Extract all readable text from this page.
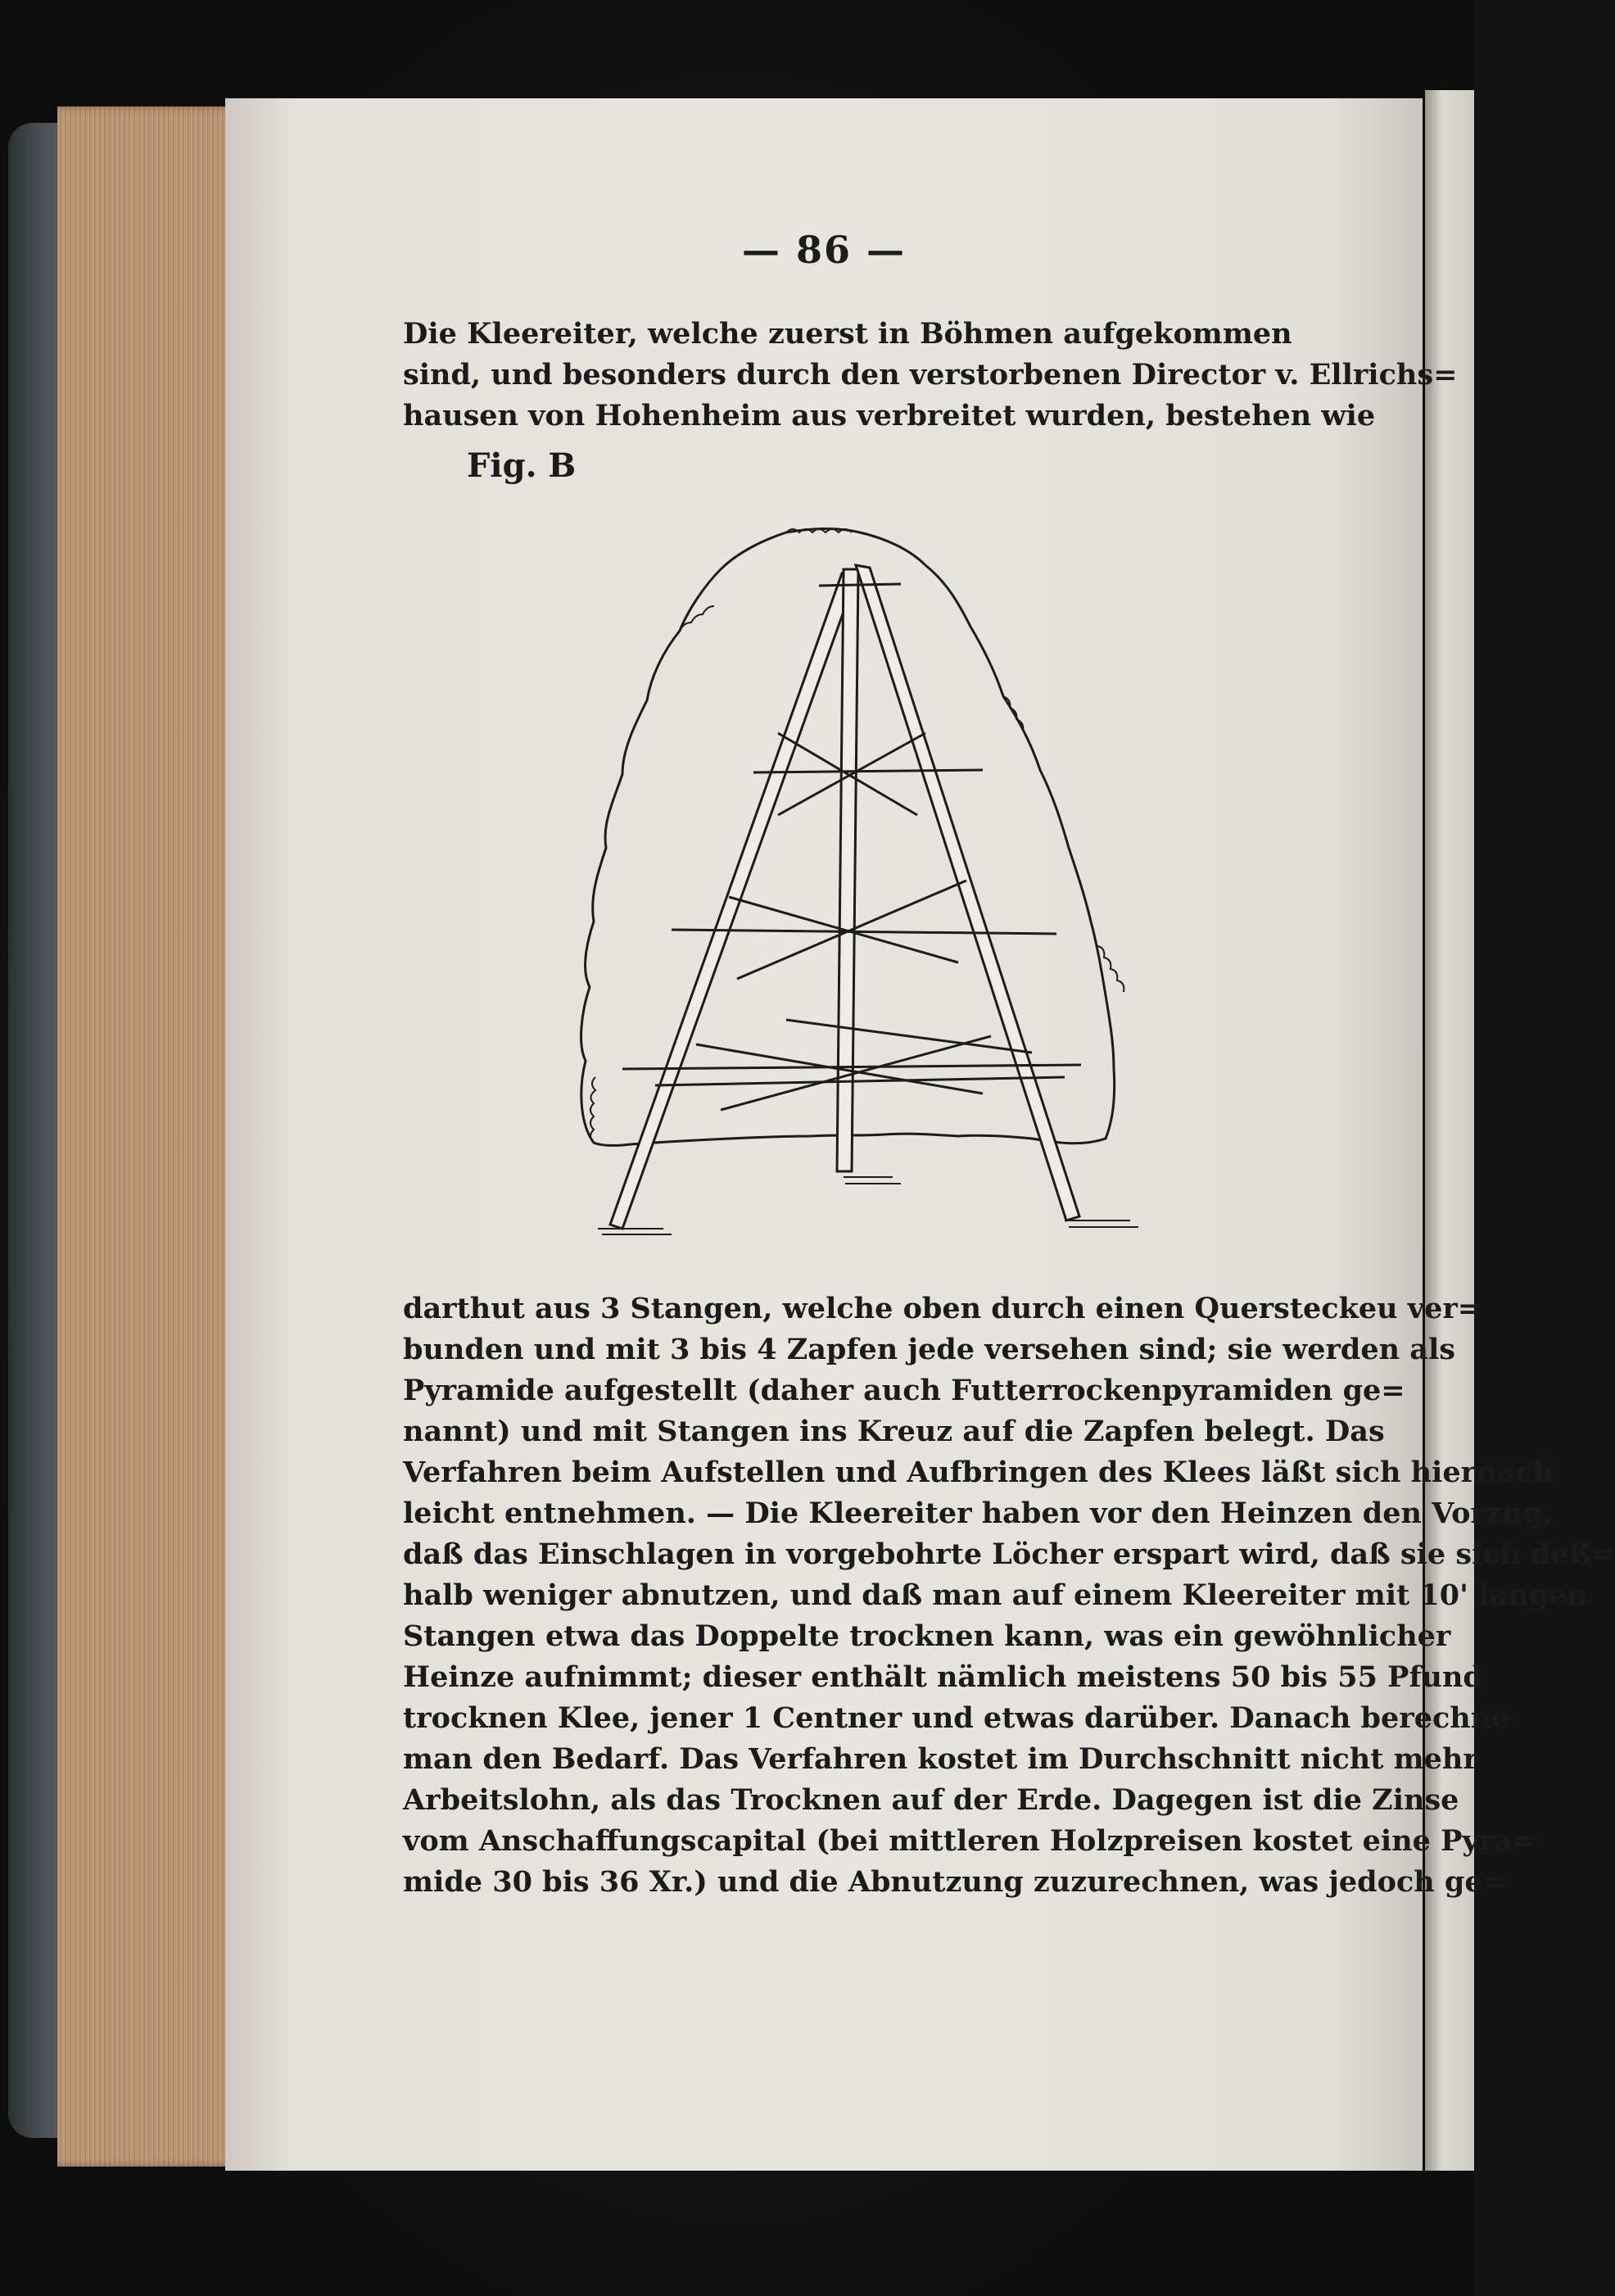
— 86 —

Die Kleereiter, welche zuerst in Böhmen aufgekommen

sind, und besonders durch den verstorbenen Director v. Ellrichs=

hausen von Hohenheim aus verbreitet wurden, bestehen wie

Fig. B

darthut aus 3 Stangen, welche oben durch einen Quersteckeu ver=

bunden und mit 3 bis 4 Zapfen jede versehen sind; sie werden als

Pyramide aufgestellt (daher auch Futterrockenpyramiden ge=

nannt) und mit Stangen ins Kreuz auf die Zapfen belegt. Das

Verfahren beim Aufstellen und Aufbringen des Klees läßt sich hiernach

leicht entnehmen. — Die Kleereiter haben vor den Heinzen den Vorzug,

daß das Einschlagen in vorgebohrte Löcher erspart wird, daß sie sich deß=

halb weniger abnutzen, und daß man auf einem Kleereiter mit 10' langen

Stangen etwa das Doppelte trocknen kann, was ein gewöhnlicher

Heinze aufnimmt; dieser enthält nämlich meistens 50 bis 55 Pfund

trocknen Klee, jener 1 Centner und etwas darüber. Danach berechne

man den Bedarf. Das Verfahren kostet im Durchschnitt nicht mehr

Arbeitslohn, als das Trocknen auf der Erde. Dagegen ist die Zinse

vom Anschaffungscapital (bei mittleren Holzpreisen kostet eine Pyra=

mide 30 bis 36 Xr.) und die Abnutzung zuzurechnen, was jedoch ge=
